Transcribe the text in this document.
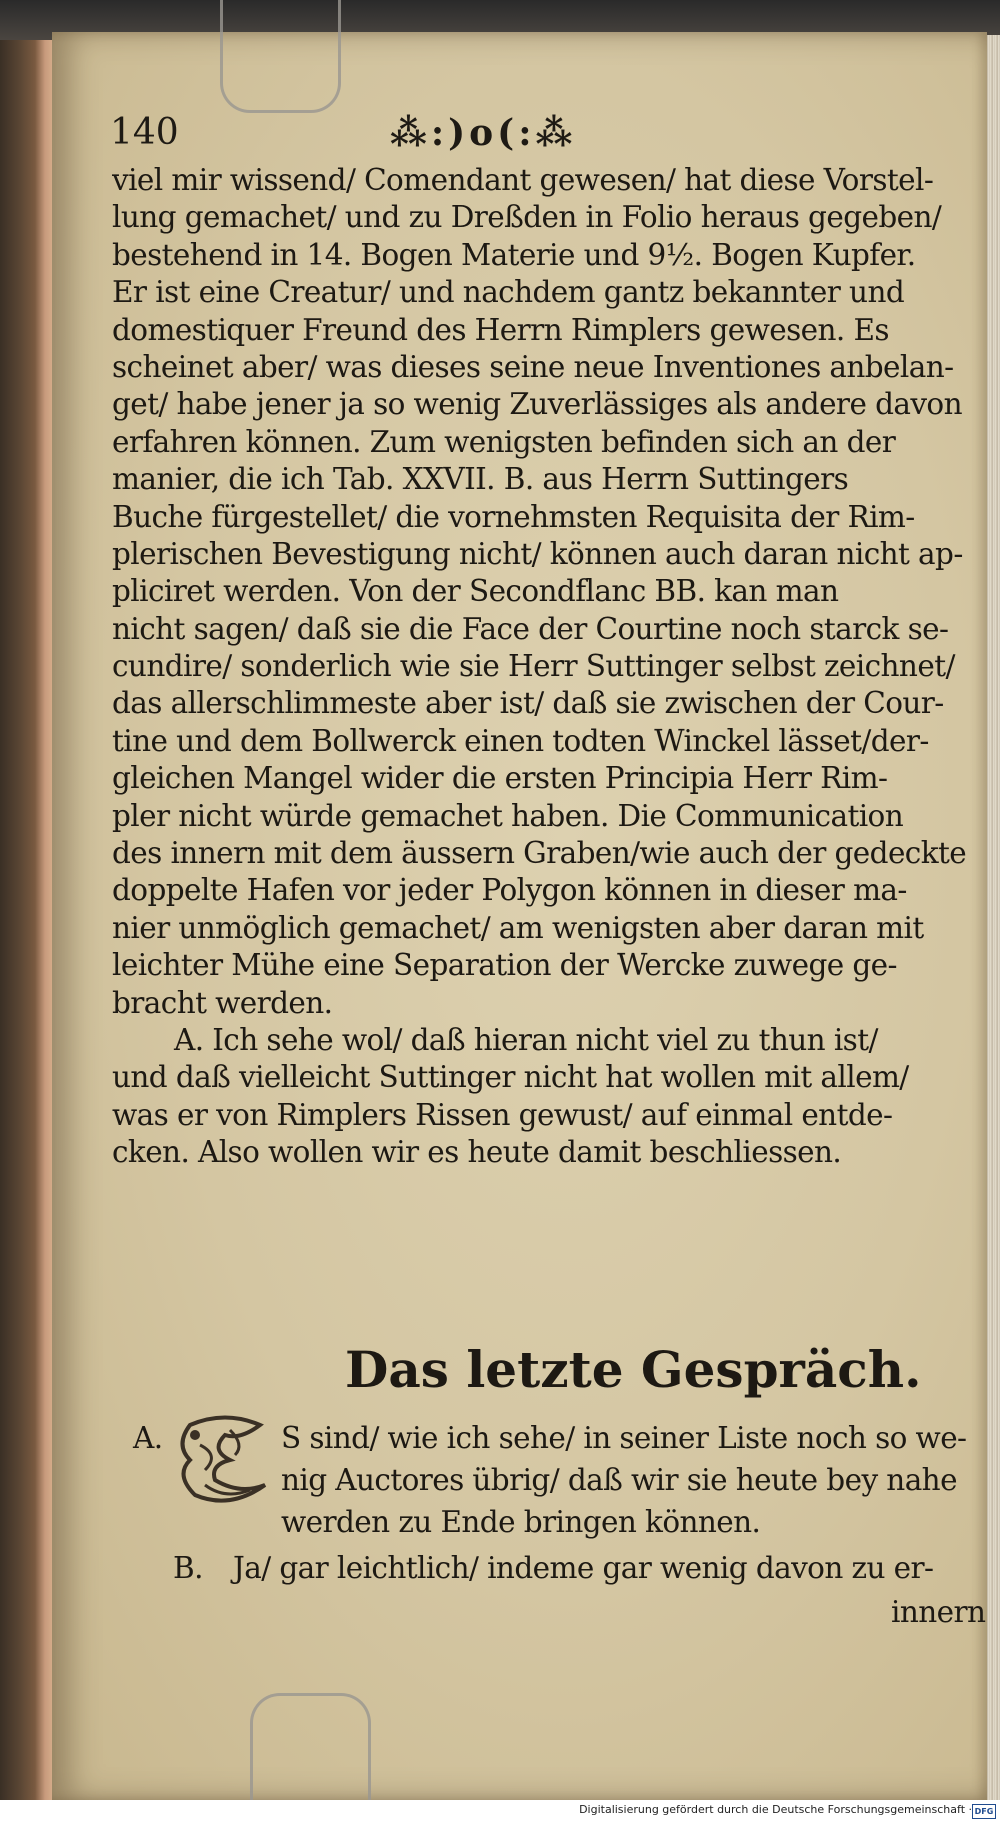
140	⁂:)o(:⁂
viel mir wissend/ Comendant gewesen/ hat diese Vorstel-
lung gemachet/ und zu Dreßden in Folio heraus gegeben/
bestehend in 14. Bogen Materie und 9½. Bogen Kupfer.
Er ist eine Creatur/ und nachdem gantz bekannter und
domestiquer Freund des Herrn Rimplers gewesen. Es
scheinet aber/ was dieses seine neue Inventiones anbelan-
get/ habe jener ja so wenig Zuverlässiges als andere davon
erfahren können. Zum wenigsten befinden sich an der
manier, die ich Tab. XXVII. B. aus Herrn Suttingers
Buche fürgestellet/ die vornehmsten Requisita der Rim-
plerischen Bevestigung nicht/ können auch daran nicht ap-
pliciret werden. Von der Secondflanc BB. kan man
nicht sagen/ daß sie die Face der Courtine noch starck se-
cundire/ sonderlich wie sie Herr Suttinger selbst zeichnet/
das allerschlimmeste aber ist/ daß sie zwischen der Cour-
tine und dem Bollwerck einen todten Winckel lässet/der-
gleichen Mangel wider die ersten Principia Herr Rim-
pler nicht würde gemachet haben. Die Communication
des innern mit dem äussern Graben/wie auch der gedeckte
doppelte Hafen vor jeder Polygon können in dieser ma-
nier unmöglich gemachet/ am wenigsten aber daran mit
leichter Mühe eine Separation der Wercke zuwege ge-
bracht werden.
A. Ich sehe wol/ daß hieran nicht viel zu thun ist/
und daß vielleicht Suttinger nicht hat wollen mit allem/
was er von Rimplers Rissen gewust/ auf einmal entde-
cken. Also wollen wir es heute damit beschliessen.
Das letzte Gespräch.
A.	S sind/ wie ich sehe/ in seiner Liste noch so we-
nig Auctores übrig/ daß wir sie heute bey nahe
werden zu Ende bringen können.
B. Ja/ gar leichtlich/ indeme gar wenig davon zu er-
innern
Digitalisierung gefördert durch die Deutsche Forschungsgemeinschaft · DFG
